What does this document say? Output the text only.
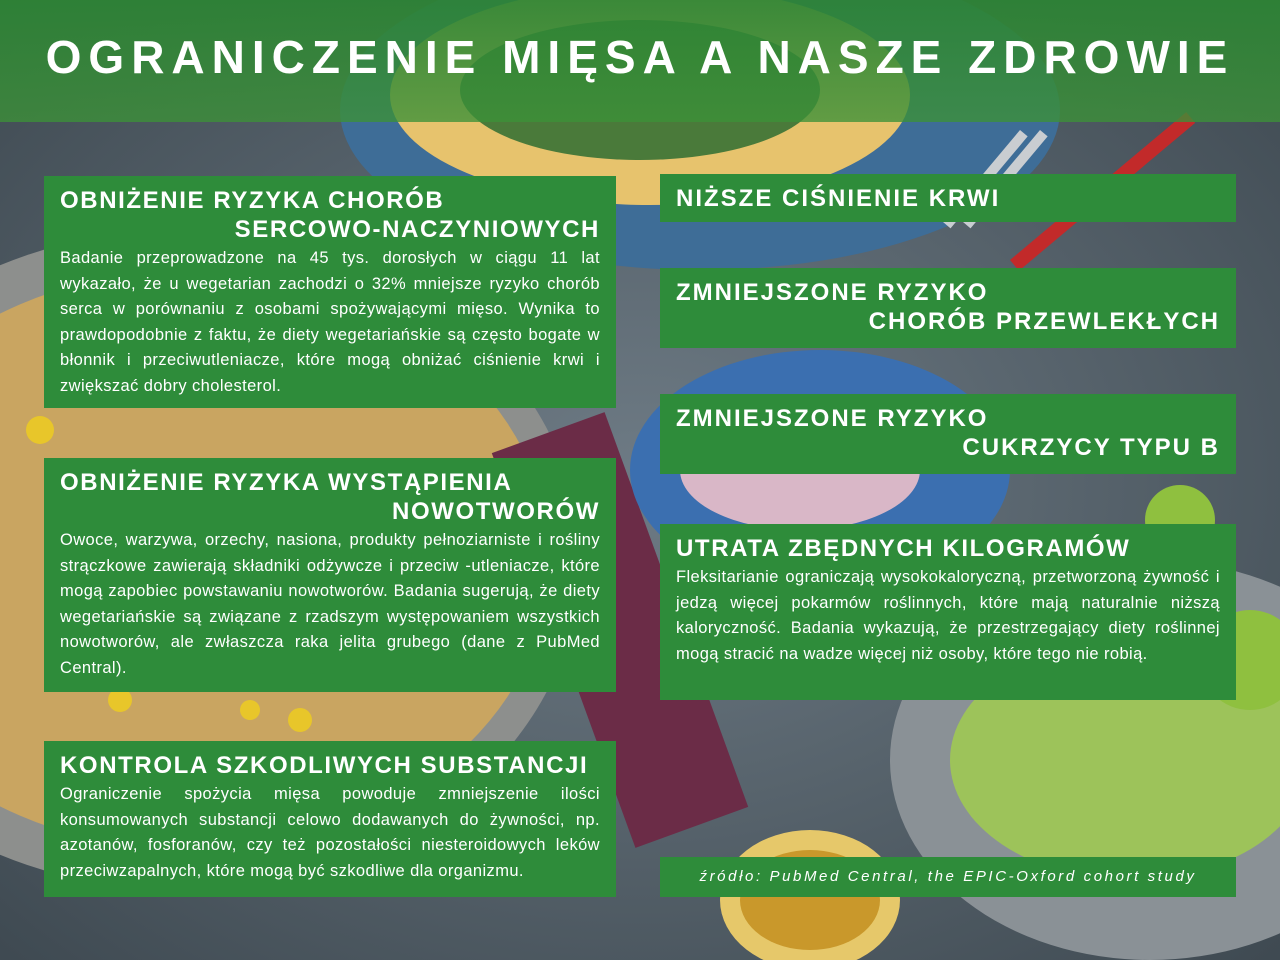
OGRANICZENIE MIĘSA A NASZE ZDROWIE
OBNIŻENIE RYZYKA CHORÓB
SERCOWO-NACZYNIOWYCH

Badanie przeprowadzone na 45 tys. dorosłych w ciągu 11 lat wykazało, że u wegetarian zachodzi o 32% mniejsze ryzyko chorób serca w porównaniu z osobami spożywającymi mięso. Wynika to prawdopodobnie z faktu, że diety wegetariańskie są często bogate w błonnik i przeciwutleniacze, które mogą obniżać ciśnienie krwi i zwiększać dobry cholesterol.

OBNIŻENIE RYZYKA WYSTĄPIENIA
NOWOTWORÓW

Owoce, warzywa, orzechy, nasiona, produkty pełnoziarniste i rośliny strączkowe zawierają składniki odżywcze i przeciw -utleniacze, które mogą zapobiec powstawaniu nowotworów. Badania sugerują, że diety wegetariańskie są związane z rzadszym występowaniem wszystkich nowotworów, ale zwłaszcza raka jelita grubego (dane z PubMed Central).

KONTROLA SZKODLIWYCH SUBSTANCJI

Ograniczenie spożycia mięsa powoduje zmniejszenie ilości konsumowanych substancji celowo dodawanych do żywności, np. azotanów, fosforanów, czy też pozostałości niesteroidowych leków przeciwzapalnych, które mogą być szkodliwe dla organizmu.

NIŻSZE CIŚNIENIE KRWI
ZMNIEJSZONE RYZYKO
CHORÓB PRZEWLEKŁYCH
ZMNIEJSZONE RYZYKO
CUKRZYCY TYPU B
UTRATA ZBĘDNYCH KILOGRAMÓW

Fleksitarianie ograniczają wysokokaloryczną, przetworzoną żywność i jedzą więcej pokarmów roślinnych, które mają naturalnie niższą kaloryczność. Badania wykazują, że przestrzegający diety roślinnej mogą stracić na wadze więcej niż osoby, które tego nie robią.

źródło: PubMed Central, the EPIC-Oxford cohort study
